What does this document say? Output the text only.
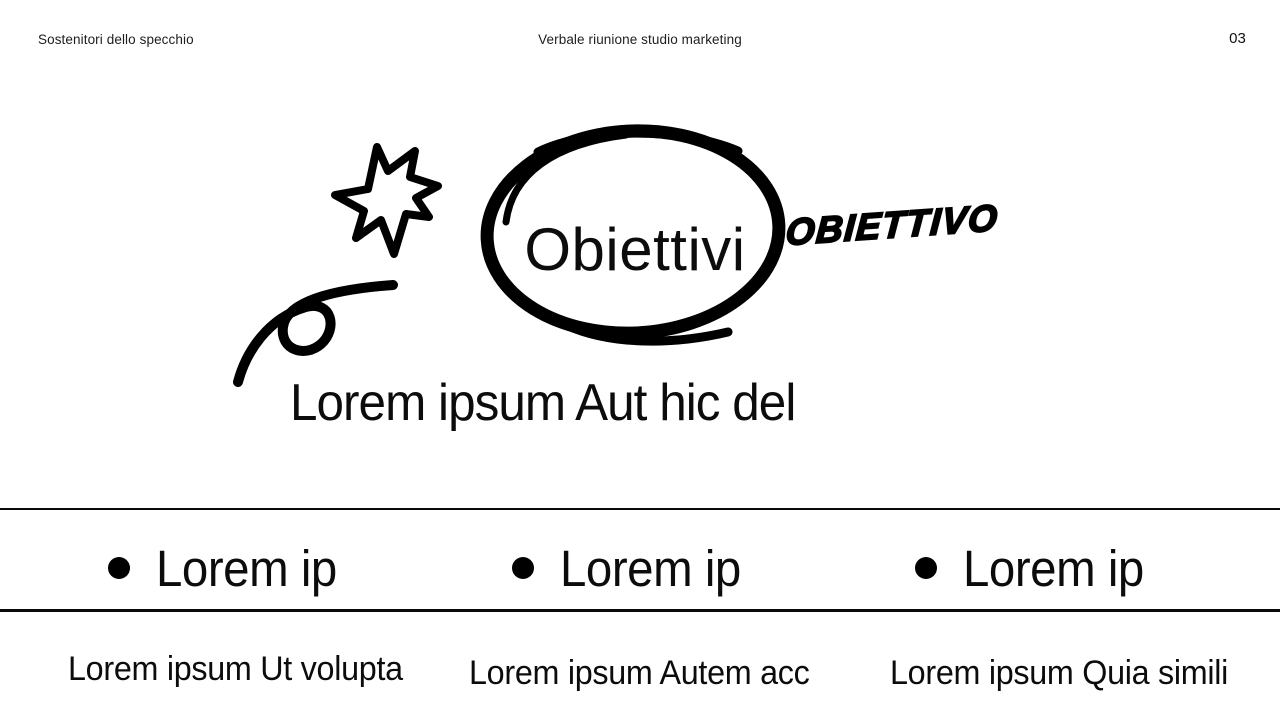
Sostenitori dello specchio	Verbale riunione studio marketing	03
Obiettivi	OBIETTIVO
Lorem ipsum Aut hic del
Lorem ip	Lorem ip	Lorem ip
Lorem ipsum Ut volupta Lorem ipsum Autem acc Lorem ipsum Quia simili
